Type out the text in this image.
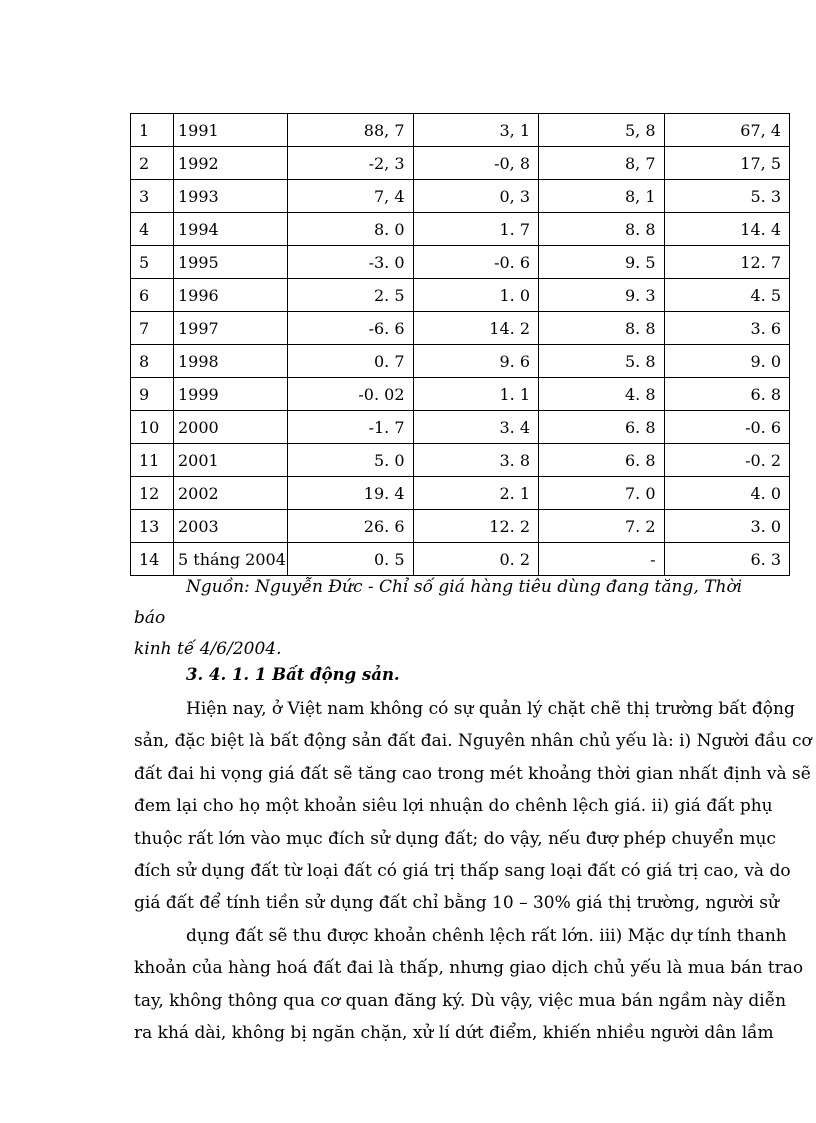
1	1991	88, 7	3, 1	5, 8	67, 4
2	1992	-2, 3	-0, 8	8, 7	17, 5
3	1993	7, 4	0, 3	8, 1	5. 3
4	1994	8. 0	1. 7	8. 8	14. 4
5	1995	-3. 0	-0. 6	9. 5	12. 7
6	1996	2. 5	1. 0	9. 3	4. 5
7	1997	-6. 6	14. 2	8. 8	3. 6
8	1998	0. 7	9. 6	5. 8	9. 0
9	1999	-0. 02	1. 1	4. 8	6. 8
10	2000	-1. 7	3. 4	6. 8	-0. 6
11	2001	5. 0	3. 8	6. 8	-0. 2
12	2002	19. 4	2. 1	7. 0	4. 0
13	2003	26. 6	12. 2	7. 2	3. 0
14	5 tháng 2004	0. 5	0. 2	-	6. 3
Nguồn: Nguyễn Đức - Chỉ số giá hàng tiêu dùng đang tăng, Thời báo
kinh tế 4/6/2004.
3. 4. 1. 1 Bất động sản.
Hiện nay, ở Việt nam không có sự quản lý chặt chẽ thị trường bất động
sản, đặc biệt là bất động sản đất đai. Nguyên nhân chủ yếu là: i) Người đầu cơ
đất đai hi vọng giá đất sẽ tăng cao trong mét khoảng thời gian nhất định và sẽ
đem lại cho họ một khoản siêu lợi nhuận do chênh lệch giá. ii) giá đất phụ
thuộc rất lớn vào mục đích sử dụng đất; do vậy, nếu đượ phép chuyển mục
đích sử dụng đất từ loại đất có giá trị thấp sang loại đất có giá trị cao, và do
giá đất để tính tiền sử dụng đất chỉ bằng 10 – 30% giá thị trường, người sử
dụng đất sẽ thu được khoản chênh lệch rất lớn. iii) Mặc dự tính thanh
khoản của hàng hoá đất đai là thấp, nhưng giao dịch chủ yếu là mua bán trao
tay, không thông qua cơ quan đăng ký. Dù vậy, việc mua bán ngầm này diễn
ra khá dài, không bị ngăn chặn, xử lí dứt điểm, khiến nhiều người dân lầm
